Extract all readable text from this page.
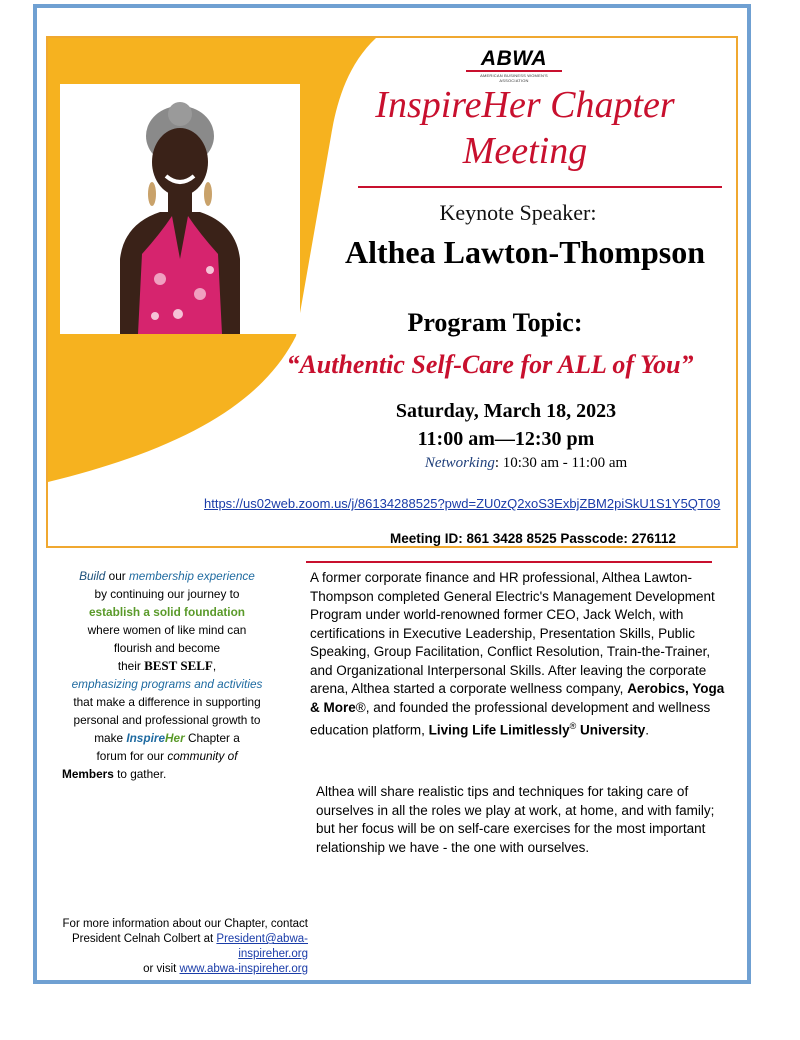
ABWA
AMERICAN BUSINESS WOMEN'S ASSOCIATION
InspireHer Chapter
Meeting
Keynote Speaker:
Althea Lawton-Thompson
Program Topic:
“Authentic Self-Care for ALL of You”
Saturday, March 18, 2023
11:00 am—12:30 pm
Networking: 10:30 am - 11:00 am
https://us02web.zoom.us/j/86134288525?pwd=ZU0zQ2xoS3ExbjZBM2piSkU1S1Y5QT09
Meeting ID: 861 3428 8525 Passcode: 276112
Build our membership experience
by continuing our journey to
establish a solid foundation
where women of like mind can
flourish and become
their BEST SELF,
emphasizing programs and activities
that make a difference in supporting
personal and professional growth to
make InspireHer Chapter a
forum for our community of
Members to gather.
A former corporate finance and HR professional, Althea Lawton-Thompson completed General Electric's Management Development Program under world-renowned former CEO, Jack Welch, with certifications in Executive Leadership, Presentation Skills, Public Speaking, Group Facilitation, Conflict Resolution, Train-the-Trainer, and Organizational Interpersonal Skills. After leaving the corporate arena, Althea started a corporate wellness company, Aerobics, Yoga & More®, and founded the professional development and wellness education platform, Living Life Limitlessly® University.
Althea will share realistic tips and techniques for taking care of ourselves in all the roles we play at work, at home, and with family; but her focus will be on self-care exercises for the most important relationship we have - the one with ourselves.
For more information about our Chapter, contact
President Celnah Colbert at President@abwa-inspireher.org
or visit www.abwa-inspireher.org
